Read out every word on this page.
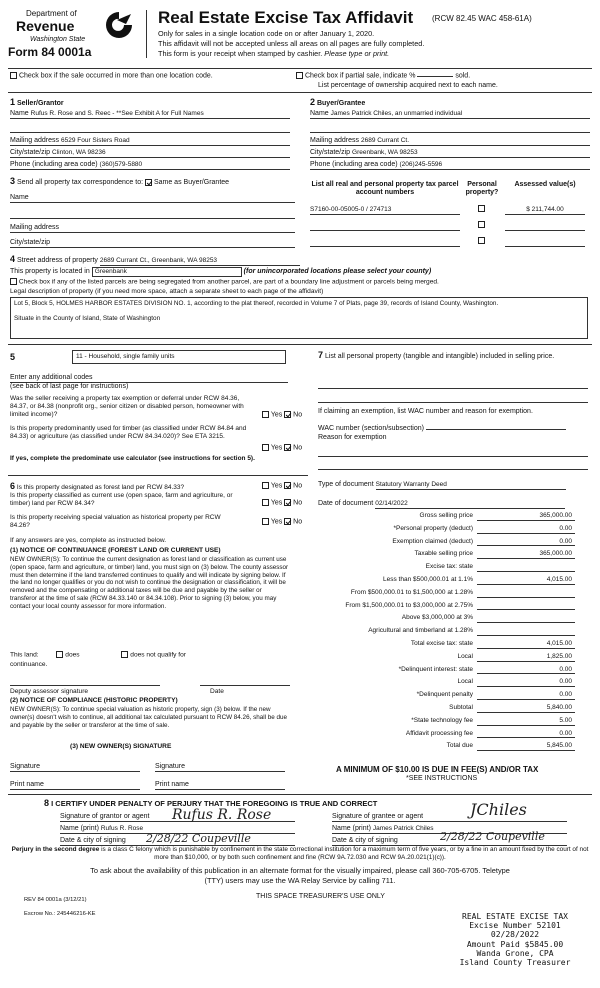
Department of
Revenue
Washington State
Form 84 0001a
Real Estate Excise Tax Affidavit (RCW 82.45 WAC 458-61A)
Only for sales in a single location code on or after January 1, 2020.
This affidavit will not be accepted unless all areas on all pages are fully completed.
This form is your receipt when stamped by cashier. Please type or print.
Check box if the sale occurred in more than one location code.	Check box if partial sale, indicate %	sold.
List percentage of ownership acquired next to each name.
1 Seller/Grantor
Name Rufus R. Rose and S. Reec - **See Exhibit A for Full Names
Mailing address 6529 Four Sisters Road
City/state/zip Clinton, WA 98236
Phone (including area code) (360)579-5880
2 Buyer/Grantee
Name James Patrick Chiles, an unmarried individual
Mailing address 2689 Currant Ct.
City/state/zip Greenbank, WA 98253
Phone (including area code) (206)245-5596
3 Send all property tax correspondence to: Same as Buyer/Grantee
Name
Mailing address
City/state/zip
List all real and personal property tax parcel account numbers
Personal property?
Assessed value(s)
S7160-00-05005-0 / 274713	$ 211,744.00
4 Street address of property 2689 Currant Ct., Greenbank, WA 98253
This property is located in Greenbank	(for unincorporated locations please select your county)
Check box if any of the listed parcels are being segregated from another parcel, are part of a boundary line adjustment or parcels being merged.
Legal description of property (if you need more space, attach a separate sheet to each page of the affidavit)
Lot 5, Block 5, HOLMES HARBOR ESTATES DIVISION NO. 1, according to the plat thereof, recorded in Volume 7 of Plats, page 39, records of Island County, Washington.
Situate in the County of Island, State of Washington
5	11 - Household, single family units
Enter any additional codes
(see back of last page for instructions)
Was the seller receiving a property tax exemption or deferral under RCW 84.36, 84.37, or 84.38 (nonprofit org., senior citizen or disabled person, homeowner with limited income)?	Yes No
Is this property predominantly used for timber (as classified under RCW 84.84 and 84.33) or agriculture (as classified under RCW 84.34.020)? See ETA 3215.
Yes No
If yes, complete the predominate use calculator (see instructions for section 5).
7 List all personal property (tangible and intangible) included in selling price.
If claiming an exemption, list WAC number and reason for exemption.
WAC number (section/subsection)
Reason for exemption
6 Is this property designated as forest land per RCW 84.33?	Yes No
Is this property classified as current use (open space, farm and agriculture, or timber) land per RCW 84.34?	Yes No
Is this property receiving special valuation as historical property per RCW 84.26?	Yes No
If any answers are yes, complete as instructed below.
(1) NOTICE OF CONTINUANCE (FOREST LAND OR CURRENT USE)
NEW OWNER(S): To continue the current designation as forest land or classification as current use (open space, farm and agriculture, or timber) land, you must sign on (3) below. The county assessor must then determine if the land transferred continues to qualify and will indicate by signing below. If the land no longer qualifies or you do not wish to continue the designation or classification, it will be removed and the compensating or additional taxes will be due and payable by the seller or transferor at the time of sale (RCW 84.33.140 or 84.34.108). Prior to signing (3) below, you may contact your local county assessor for more information.
This land:	does	does not qualify for
continuance.
Deputy assessor signature	Date
(2) NOTICE OF COMPLIANCE (HISTORIC PROPERTY)
NEW OWNER(S): To continue special valuation as historic property, sign (3) below. If the new owner(s) doesn't wish to continue, all additional tax calculated pursuant to RCW 84.26, shall be due and payable by the seller or transferor at the time of sale.
(3) NEW OWNER(S) SIGNATURE
Signature	Signature
Print name	Print name
Type of document Statutory Warranty Deed
Date of document 02/14/2022
Gross selling price	365,000.00
*Personal property (deduct)	0.00
Exemption claimed (deduct)	0.00
Taxable selling price	365,000.00
Excise tax: state

Less than $500,000.01 at 1.1%	4,015.00
From $500,000.01 to $1,500,000 at 1.28%

From $1,500,000.01 to $3,000,000 at 2.75%

Above $3,000,000 at 3%

Agricultural and timberland at 1.28%

Total excise tax: state	4,015.00
Local	1,825.00
*Delinquent interest: state	0.00
Local	0.00
*Delinquent penalty	0.00
Subtotal	5,840.00
*State technology fee	5.00
Affidavit processing fee	0.00
Total due	5,845.00
A MINIMUM OF $10.00 IS DUE IN FEE(S) AND/OR TAX
*SEE INSTRUCTIONS
8 I CERTIFY UNDER PENALTY OF PERJURY THAT THE FOREGOING IS TRUE AND CORRECT
Signature of grantor or agent
Name (print) Rufus R. Rose
Date & city of signing
Rufus R. Rose
2/28/22 Coupeville
Signature of grantee or agent
Name (print) James Patrick Chiles
Date & city of signing
JChiles
2/28/22 Coupeville
Perjury in the second degree is a class C felony which is punishable by confinement in the state correctional institution for a maximum term of five years, or by a fine in an amount fixed by the court of not more than $10,000, or by both such confinement and fine (RCW 9A.72.030 and RCW 9A.20.021(1)(c)).
To ask about the availability of this publication in an alternate format for the visually impaired, please call 360-705-6705. Teletype
(TTY) users may use the WA Relay Service by calling 711.
REV 84 0001a (3/12/21)	THIS SPACE TREASURER'S USE ONLY
Escrow No.: 245446216-KE	REAL ESTATE EXCISE TAX
Excise Number 52101
02/28/2022
Amount Paid $5845.00
Wanda Grone, CPA
Island County Treasurer
